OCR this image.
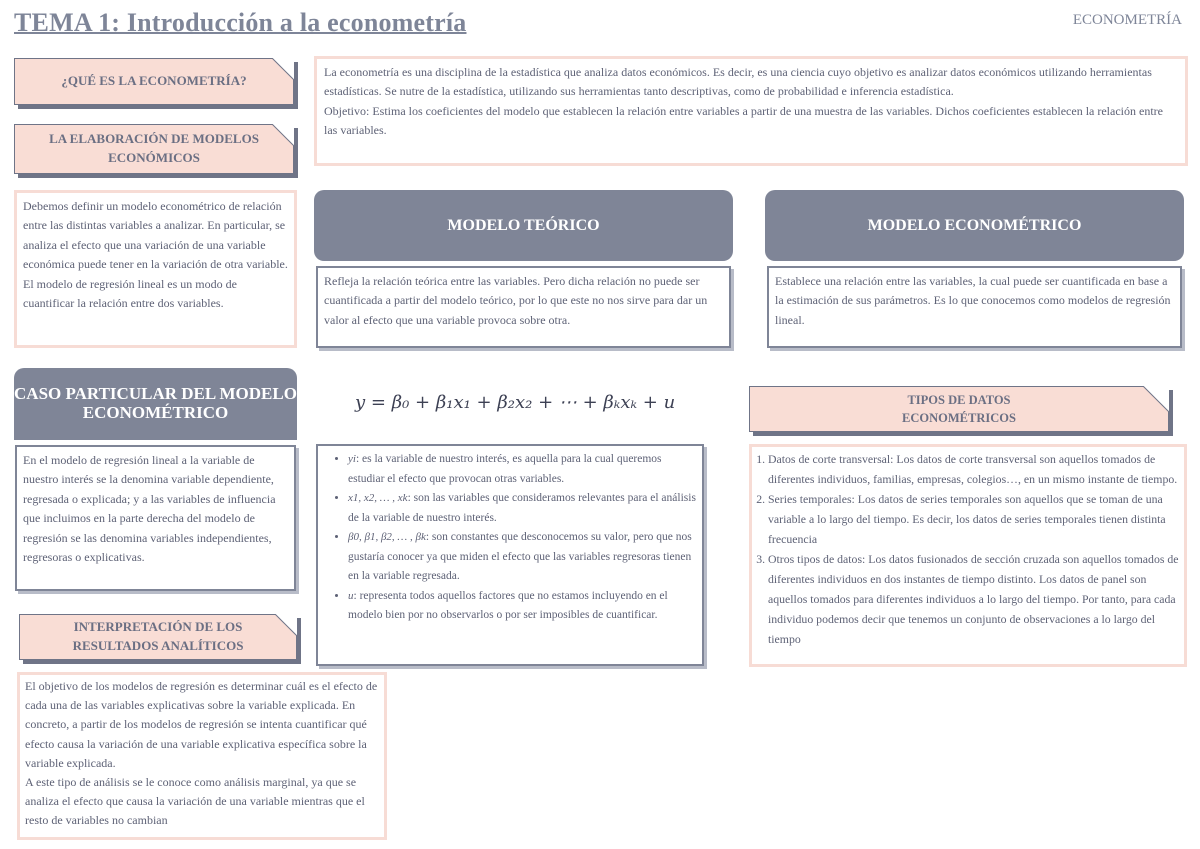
TEMA 1: Introducción a la econometría	ECONOMETRÍA
¿QUÉ ES LA ECONOMETRÍA?

La econometría es una disciplina de la estadística que analiza datos económicos. Es decir, es una ciencia cuyo objetivo es analizar datos económicos utilizando herramientas estadísticas. Se nutre de la estadística, utilizando sus herramientas tanto descriptivas, como de probabilidad e inferencia estadística.

Objetivo: Estima los coeficientes del modelo que establecen la relación entre variables a partir de una muestra de las variables. Dichos coeficientes establecen la relación entre las variables.

LA ELABORACIÓN DE MODELOS
ECONÓMICOS

Debemos definir un modelo econométrico de relación entre las distintas variables a analizar. En particular, se analiza el efecto que una variación de una variable económica puede tener en la variación de otra variable. El modelo de regresión lineal es un modo de cuantificar la relación entre dos variables.

MODELO TEÓRICO

Refleja la relación teórica entre las variables. Pero dicha relación no puede ser cuantificada a partir del modelo teórico, por lo que este no nos sirve para dar un valor al efecto que una variable provoca sobre otra.

MODELO ECONOMÉTRICO

Establece una relación entre las variables, la cual puede ser cuantificada en base a la estimación de sus parámetros. Es lo que conocemos como modelos de regresión lineal.

CASO PARTICULAR DEL MODELO ECONOMÉTRICO

En el modelo de regresión lineal a la variable de nuestro interés se la denomina variable dependiente, regresada o explicada; y a las variables de influencia que incluimos en la parte derecha del modelo de regresión se las denomina variables independientes, regresoras o explicativas.

y = β₀ + β₁x₁ + β₂x₂ + ⋯ + βₖxₖ + u
• yi: es la variable de nuestro interés, es aquella para la cual queremos estudiar el efecto que provocan otras variables.
• x1, x2, … , xk: son las variables que consideramos relevantes para el análisis de la variable de nuestro interés.
• β0, β1, β2, … , βk: son constantes que desconocemos su valor, pero que nos gustaría conocer ya que miden el efecto que las variables regresoras tienen en la variable regresada.
• u: representa todos aquellos factores que no estamos incluyendo en el modelo bien por no observarlos o por ser imposibles de cuantificar.
TIPOS DE DATOS
ECONOMÉTRICOS
1. Datos de corte transversal: Los datos de corte transversal son aquellos tomados de diferentes individuos, familias, empresas, colegios…, en un mismo instante de tiempo.
2. Series temporales: Los datos de series temporales son aquellos que se toman de una variable a lo largo del tiempo. Es decir, los datos de series temporales tienen distinta frecuencia
3. Otros tipos de datos: Los datos fusionados de sección cruzada son aquellos tomados de diferentes individuos en dos instantes de tiempo distinto. Los datos de panel son aquellos tomados para diferentes individuos a lo largo del tiempo. Por tanto, para cada individuo podemos decir que tenemos un conjunto de observaciones a lo largo del tiempo
INTERPRETACIÓN DE LOS
RESULTADOS ANALÍTICOS

El objetivo de los modelos de regresión es determinar cuál es el efecto de cada una de las variables explicativas sobre la variable explicada. En concreto, a partir de los modelos de regresión se intenta cuantificar qué efecto causa la variación de una variable explicativa específica sobre la variable explicada.

A este tipo de análisis se le conoce como análisis marginal, ya que se analiza el efecto que causa la variación de una variable mientras que el resto de variables no cambian
